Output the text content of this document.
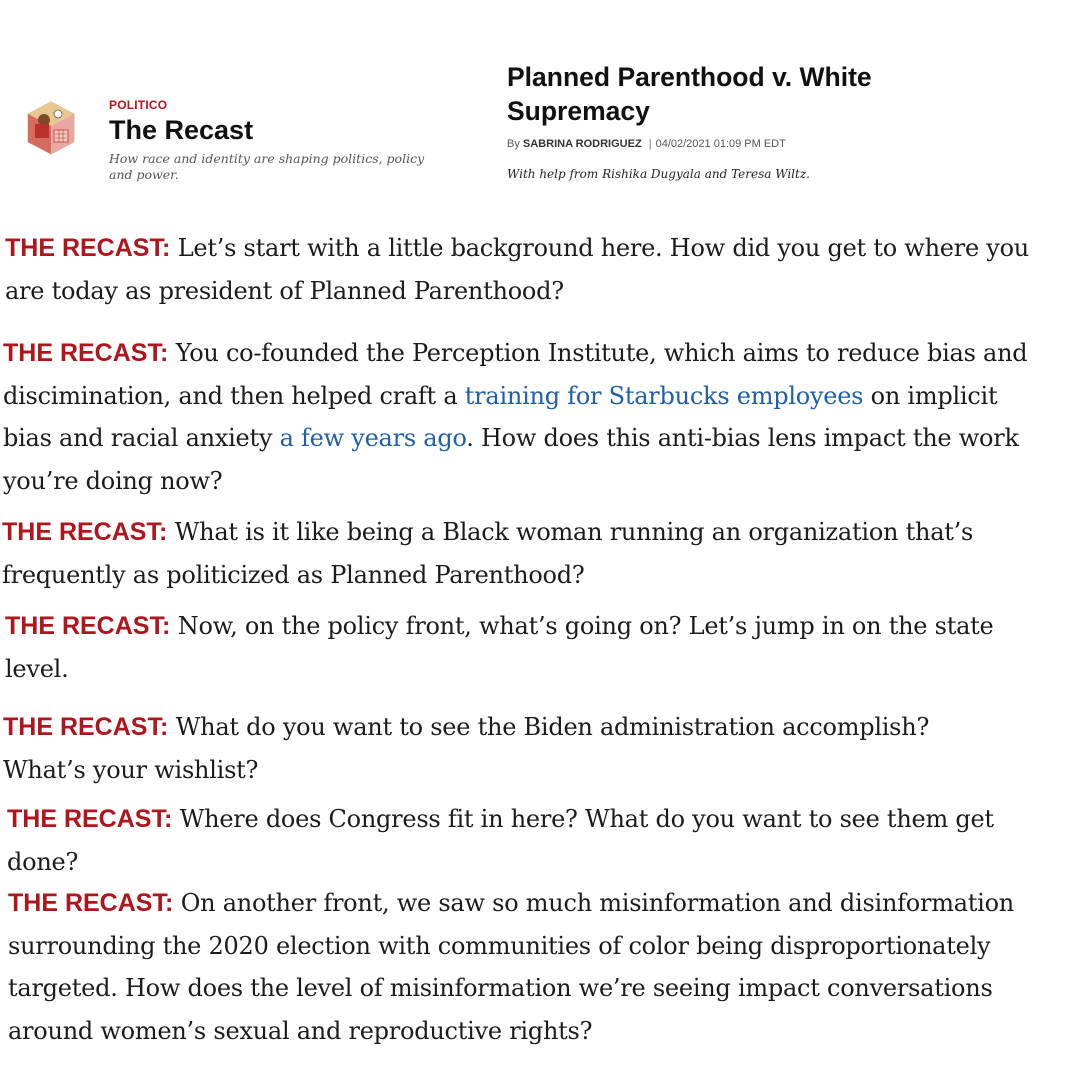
POLITICO
The Recast
How race and identity are shaping politics, policy and power.
Planned Parenthood v. White Supremacy
By SABRINA RODRIGUEZ | 04/02/2021 01:09 PM EDT
With help from Rishika Dugyala and Teresa Wiltz.
THE RECAST: Let’s start with a little background here. How did you get to where you are today as president of Planned Parenthood?
THE RECAST: You co-founded the Perception Institute, which aims to reduce bias and discimination, and then helped craft a training for Starbucks employees on implicit bias and racial anxiety a few years ago. How does this anti-bias lens impact the work you’re doing now?
THE RECAST: What is it like being a Black woman running an organization that’s frequently as politicized as Planned Parenthood?
THE RECAST: Now, on the policy front, what’s going on? Let’s jump in on the state level.
THE RECAST: What do you want to see the Biden administration accomplish? What’s your wishlist?
THE RECAST: Where does Congress fit in here? What do you want to see them get done?
THE RECAST: On another front, we saw so much misinformation and disinformation surrounding the 2020 election with communities of color being disproportionately targeted. How does the level of misinformation we’re seeing impact conversations around women’s sexual and reproductive rights?
